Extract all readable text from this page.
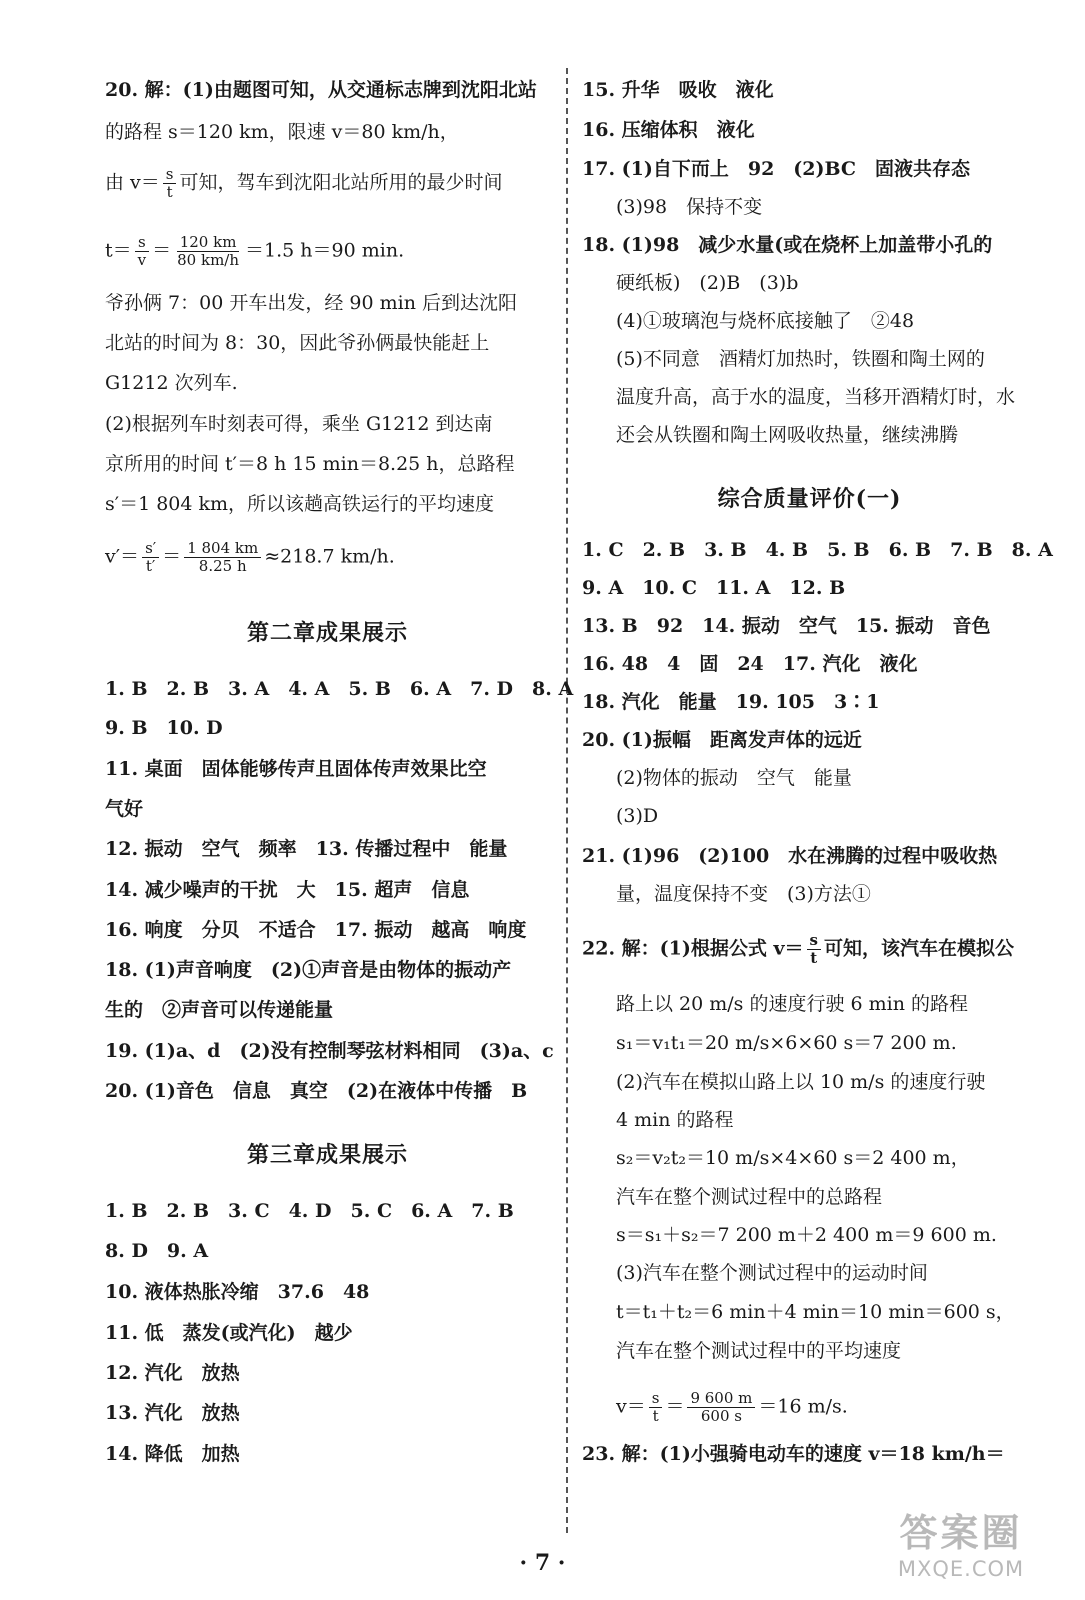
20. 解：(1)由题图可知，从交通标志牌到沈阳北站
的路程 s＝120 km，限速 v＝80 km/h，
由 $v= \frac{s}{t}$ 可知，驾车到沈阳北站所用的最少时间
$t= \frac{s}{v} = \frac{120 km}{80 km/h} =1.5$ h＝90 min.
爷孙俩 7：00 开车出发，经 90 min 后到达沈阳
北站的时间为 8：30，因此爷孙俩最快能赶上
G1212 次列车.
(2)根据列车时刻表可得，乘坐 G1212 到达南
京所用的时间 t′＝8 h 15 min＝8.25 h，总路程
s′＝1 804 km，所以该趟高铁运行的平均速度
$v'= \frac{s'}{t'} = \frac{1 804 km}{8.25 h} \approx 218.7$ km/h.
第二章成果展示
1. B　2. B　3. A　4. A　5. B　6. A　7. D　8. A
9. B　10. D
11. 桌面　固体能够传声且固体传声效果比空
气好
12. 振动　空气　频率　13. 传播过程中　能量
14. 减少噪声的干扰　大　15. 超声　信息
16. 响度　分贝　不适合　17. 振动　越高　响度
18. (1)声音响度　(2)①声音是由物体的振动产
生的　②声音可以传递能量
19. (1)a、d　(2)没有控制琴弦材料相同　(3)a、c
20. (1)音色　信息　真空　(2)在液体中传播　B
第三章成果展示
1. B　2. B　3. C　4. D　5. C　6. A　7. B
8. D　9. A
10. 液体热胀冷缩　37.6　48
11. 低　蒸发(或汽化)　越少
12. 汽化　放热
13. 汽化　放热
14. 降低　加热
15. 升华　吸收　液化
16. 压缩体积　液化
17. (1)自下而上　92　(2)BC　固液共存态
(3)98　保持不变
18. (1)98　减少水量(或在烧杯上加盖带小孔的
硬纸板)　(2)B　(3)b
(4)①玻璃泡与烧杯底接触了　②48
(5)不同意　酒精灯加热时，铁圈和陶土网的
温度升高，高于水的温度，当移开酒精灯时，水
还会从铁圈和陶土网吸收热量，继续沸腾
综合质量评价(一)
1. C　2. B　3. B　4. B　5. B　6. B　7. B　8. A
9. A　10. C　11. A　12. B
13. B　92　14. 振动　空气　15. 振动　音色
16. 48　4　固　24　17. 汽化　液化
18. 汽化　能量　19. 105　3∶1
20. (1)振幅　距离发声体的远近
(2)物体的振动　空气　能量
(3)D
21. (1)96　(2)100　水在沸腾的过程中吸收热
量，温度保持不变　(3)方法①
22. 解：(1)根据公式 $v= \frac{s}{t}$ 可知，该汽车在模拟公
路上以 20 m/s 的速度行驶 6 min 的路程
s₁＝v₁t₁＝20 m/s×6×60 s＝7 200 m.
(2)汽车在模拟山路上以 10 m/s 的速度行驶
4 min 的路程
s₂＝v₂t₂＝10 m/s×4×60 s＝2 400 m，
汽车在整个测试过程中的总路程
s＝s₁＋s₂＝7 200 m＋2 400 m＝9 600 m.
(3)汽车在整个测试过程中的运动时间
t＝t₁＋t₂＝6 min＋4 min＝10 min＝600 s，
汽车在整个测试过程中的平均速度
$v= \frac{s}{t} = \frac{9 600 m}{600 s} =16$ m/s.
23. 解：(1)小强骑电动车的速度 v＝18 km/h＝
· 7 ·
答案圈
MXQE.COM
